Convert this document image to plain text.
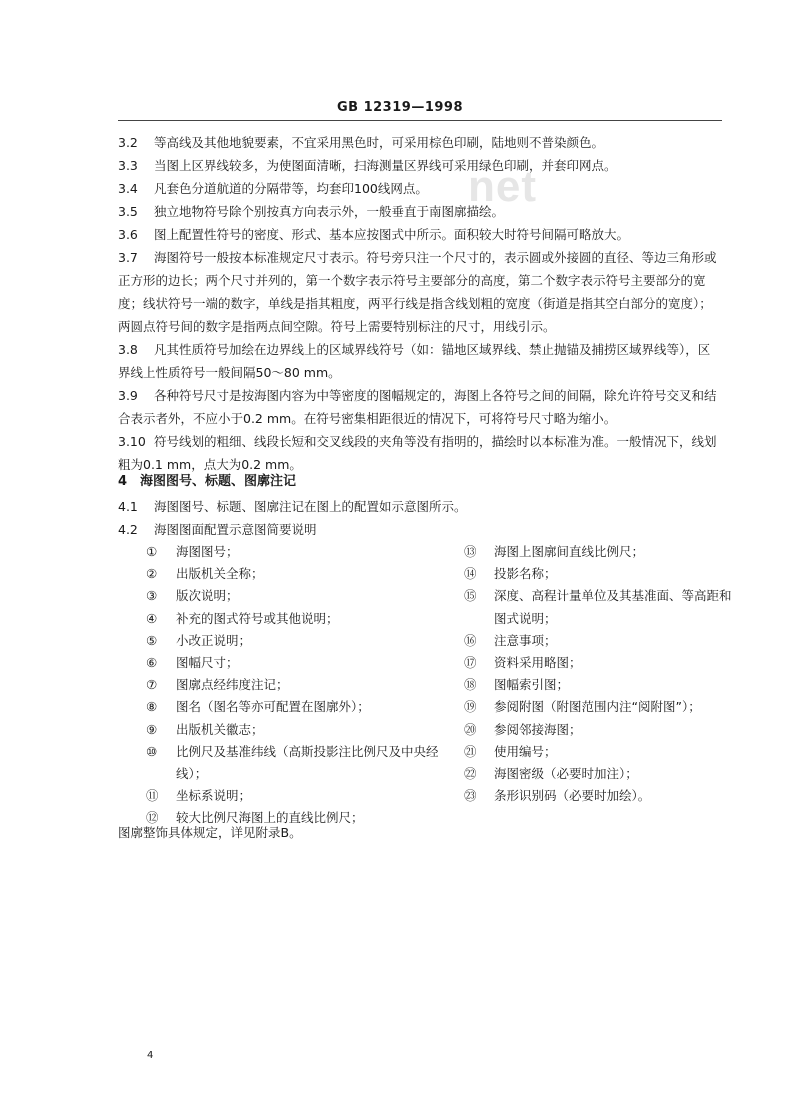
GB 12319—1998
net

3.2 等高线及其他地貌要素，不宜采用黑色时，可采用棕色印刷，陆地则不普染颜色。

3.3 当图上区界线较多，为使图面清晰，扫海测量区界线可采用绿色印刷，并套印网点。

3.4 凡套色分道航道的分隔带等，均套印100线网点。

3.5 独立地物符号除个别按真方向表示外，一般垂直于南图廓描绘。

3.6 图上配置性符号的密度、形式、基本应按图式中所示。面积较大时符号间隔可略放大。

3.7 海图符号一般按本标准规定尺寸表示。符号旁只注一个尺寸的，表示圆或外接圆的直径、等边三角形或正方形的边长；两个尺寸并列的，第一个数字表示符号主要部分的高度，第二个数字表示符号主要部分的宽度；线状符号一端的数字，单线是指其粗度，两平行线是指含线划粗的宽度（街道是指其空白部分的宽度）；两圆点符号间的数字是指两点间空隙。符号上需要特别标注的尺寸，用线引示。

3.8 凡其性质符号加绘在边界线上的区域界线符号（如：锚地区域界线、禁止抛锚及捕捞区域界线等），区界线上性质符号一般间隔50～80 mm。

3.9 各种符号尺寸是按海图内容为中等密度的图幅规定的，海图上各符号之间的间隔，除允许符号交叉和结合表示者外，不应小于0.2 mm。在符号密集相距很近的情况下，可将符号尺寸略为缩小。

3.10 符号线划的粗细、线段长短和交叉线段的夹角等没有指明的，描绘时以本标准为准。一般情况下，线划粗为0.1 mm，点大为0.2 mm。

4　海图图号、标题、图廓注记

4.1 海图图号、标题、图廓注记在图上的配置如示意图所示。

4.2 海图图面配置示意图简要说明

① 海图图号；
② 出版机关全称；
③ 版次说明；
④ 补充的图式符号或其他说明；
⑤ 小改正说明；
⑥ 图幅尺寸；
⑦ 图廓点经纬度注记；
⑧ 图名（图名等亦可配置在图廓外）；
⑨ 出版机关徽志；
⑩ 比例尺及基准纬线（高斯投影注比例尺及中央经线）；
⑪ 坐标系说明；
⑫ 较大比例尺海图上的直线比例尺；
⑬ 海图上图廓间直线比例尺；
⑭ 投影名称；
⑮ 深度、高程计量单位及其基准面、等高距和图式说明；
⑯ 注意事项；
⑰ 资料采用略图；
⑱ 图幅索引图；
⑲ 参阅附图（附图范围内注“阅附图”）；
⑳ 参阅邻接海图；
㉑ 使用编号；
㉒ 海图密级（必要时加注）；
㉓ 条形识别码（必要时加绘）。
图廓整饰具体规定，详见附录B。
4
